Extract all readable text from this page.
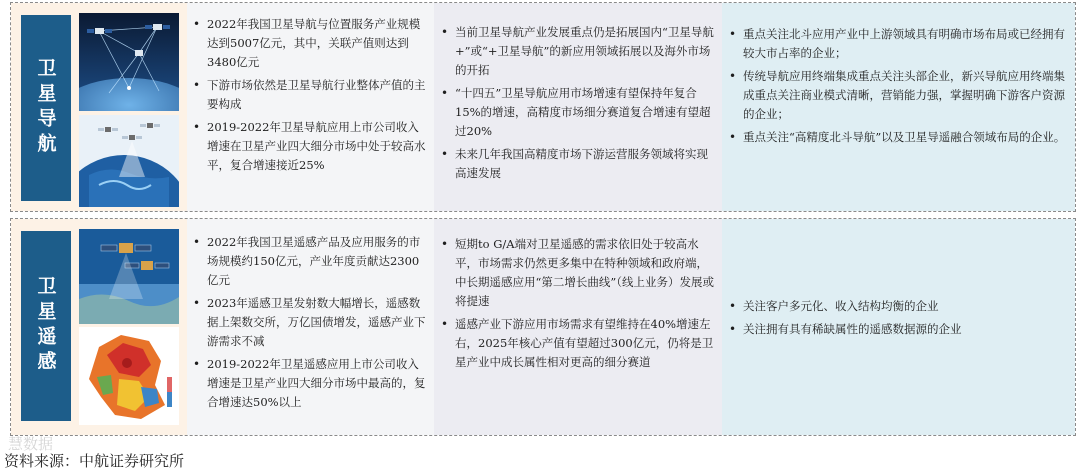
卫星导航
• 2022年我国卫星导航与位置服务产业规模达到5007亿元，其中，关联产值则达到3480亿元
• 下游市场依然是卫星导航行业整体产值的主要构成
• 2019-2022年卫星导航应用上市公司收入增速在卫星产业四大细分市场中处于较高水平，复合增速接近25%
• 当前卫星导航产业发展重点仍是拓展国内“卫星导航+”或“+卫星导航”的新应用领域拓展以及海外市场的开拓
• “十四五”卫星导航应用市场增速有望保持年复合15%的增速，高精度市场细分赛道复合增速有望超过20%
• 未来几年我国高精度市场下游运营服务领域将实现高速发展
• 重点关注北斗应用产业中上游领域具有明确市场布局或已经拥有较大市占率的企业；
• 传统导航应用终端集成重点关注头部企业，新兴导航应用终端集成重点关注商业模式清晰，营销能力强，掌握明确下游客户资源的企业；
• 重点关注“高精度北斗导航”以及卫星导遥融合领域布局的企业。
卫星遥感
• 2022年我国卫星遥感产品及应用服务的市场规模约150亿元，产业年度贡献达2300亿元
• 2023年遥感卫星发射数大幅增长，遥感数据上架数交所，万亿国债增发，遥感产业下游需求不减
• 2019-2022年卫星遥感应用上市公司收入增速是卫星产业四大细分市场中最高的，复合增速达50%以上
• 短期to G/A端对卫星遥感的需求依旧处于较高水平，市场需求仍然更多集中在特种领域和政府端，中长期遥感应用“第二增长曲线”（线上业务）发展或将提速
• 遥感产业下游应用市场需求有望维持在40%增速左右，2025年核心产值有望超过300亿元，仍将是卫星产业中成长属性相对更高的细分赛道
• 关注客户多元化、收入结构均衡的企业
• 关注拥有具有稀缺属性的遥感数据源的企业
慧数据
资料来源：中航证券研究所
